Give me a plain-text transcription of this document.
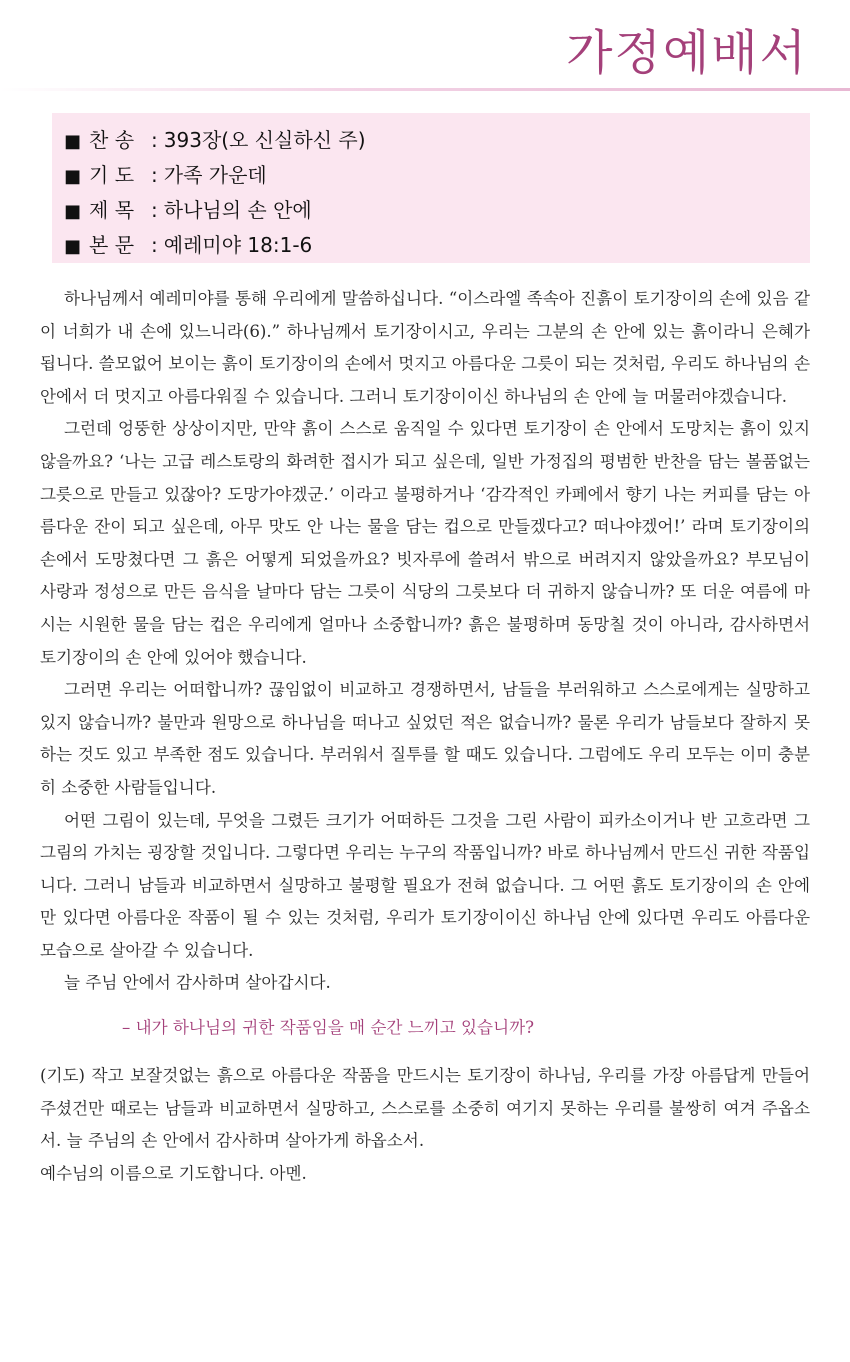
가정예배서
■ 찬 송 : 393장(오 신실하신 주)
■ 기 도 : 가족 가운데
■ 제 목 : 하나님의 손 안에
■ 본 문 : 예레미야 18:1-6

하나님께서 예레미야를 통해 우리에게 말씀하십니다. “이스라엘 족속아 진흙이 토기장이의 손에 있음 같이 너희가 내 손에 있느니라(6).” 하나님께서 토기장이시고, 우리는 그분의 손 안에 있는 흙이라니 은혜가 됩니다. 쓸모없어 보이는 흙이 토기장이의 손에서 멋지고 아름다운 그릇이 되는 것처럼, 우리도 하나님의 손 안에서 더 멋지고 아름다워질 수 있습니다. 그러니 토기장이이신 하나님의 손 안에 늘 머물러야겠습니다.

그런데 엉뚱한 상상이지만, 만약 흙이 스스로 움직일 수 있다면 토기장이 손 안에서 도망치는 흙이 있지 않을까요? ‘나는 고급 레스토랑의 화려한 접시가 되고 싶은데, 일반 가정집의 평범한 반찬을 담는 볼품없는 그릇으로 만들고 있잖아? 도망가야겠군.’ 이라고 불평하거나 ‘감각적인 카페에서 향기 나는 커피를 담는 아름다운 잔이 되고 싶은데, 아무 맛도 안 나는 물을 담는 컵으로 만들겠다고? 떠나야겠어!’ 라며 토기장이의 손에서 도망쳤다면 그 흙은 어떻게 되었을까요? 빗자루에 쓸려서 밖으로 버려지지 않았을까요? 부모님이 사랑과 정성으로 만든 음식을 날마다 담는 그릇이 식당의 그릇보다 더 귀하지 않습니까? 또 더운 여름에 마시는 시원한 물을 담는 컵은 우리에게 얼마나 소중합니까? 흙은 불평하며 동망칠 것이 아니라, 감사하면서 토기장이의 손 안에 있어야 했습니다.

그러면 우리는 어떠합니까? 끊임없이 비교하고 경쟁하면서, 남들을 부러워하고 스스로에게는 실망하고 있지 않습니까? 불만과 원망으로 하나님을 떠나고 싶었던 적은 없습니까? 물론 우리가 남들보다 잘하지 못하는 것도 있고 부족한 점도 있습니다. 부러워서 질투를 할 때도 있습니다. 그럼에도 우리 모두는 이미 충분히 소중한 사람들입니다.

어떤 그림이 있는데, 무엇을 그렸든 크기가 어떠하든 그것을 그린 사람이 피카소이거나 반 고흐라면 그 그림의 가치는 굉장할 것입니다. 그렇다면 우리는 누구의 작품입니까? 바로 하나님께서 만드신 귀한 작품입니다. 그러니 남들과 비교하면서 실망하고 불평할 필요가 전혀 없습니다. 그 어떤 흙도 토기장이의 손 안에만 있다면 아름다운 작품이 될 수 있는 것처럼, 우리가 토기장이이신 하나님 안에 있다면 우리도 아름다운 모습으로 살아갈 수 있습니다.

늘 주님 안에서 감사하며 살아갑시다.

– 내가 하나님의 귀한 작품임을 매 순간 느끼고 있습니까?

(기도) 작고 보잘것없는 흙으로 아름다운 작품을 만드시는 토기장이 하나님, 우리를 가장 아름답게 만들어 주셨건만 때로는 남들과 비교하면서 실망하고, 스스로를 소중히 여기지 못하는 우리를 불쌍히 여겨 주옵소서. 늘 주님의 손 안에서 감사하며 살아가게 하옵소서.

예수님의 이름으로 기도합니다. 아멘.
